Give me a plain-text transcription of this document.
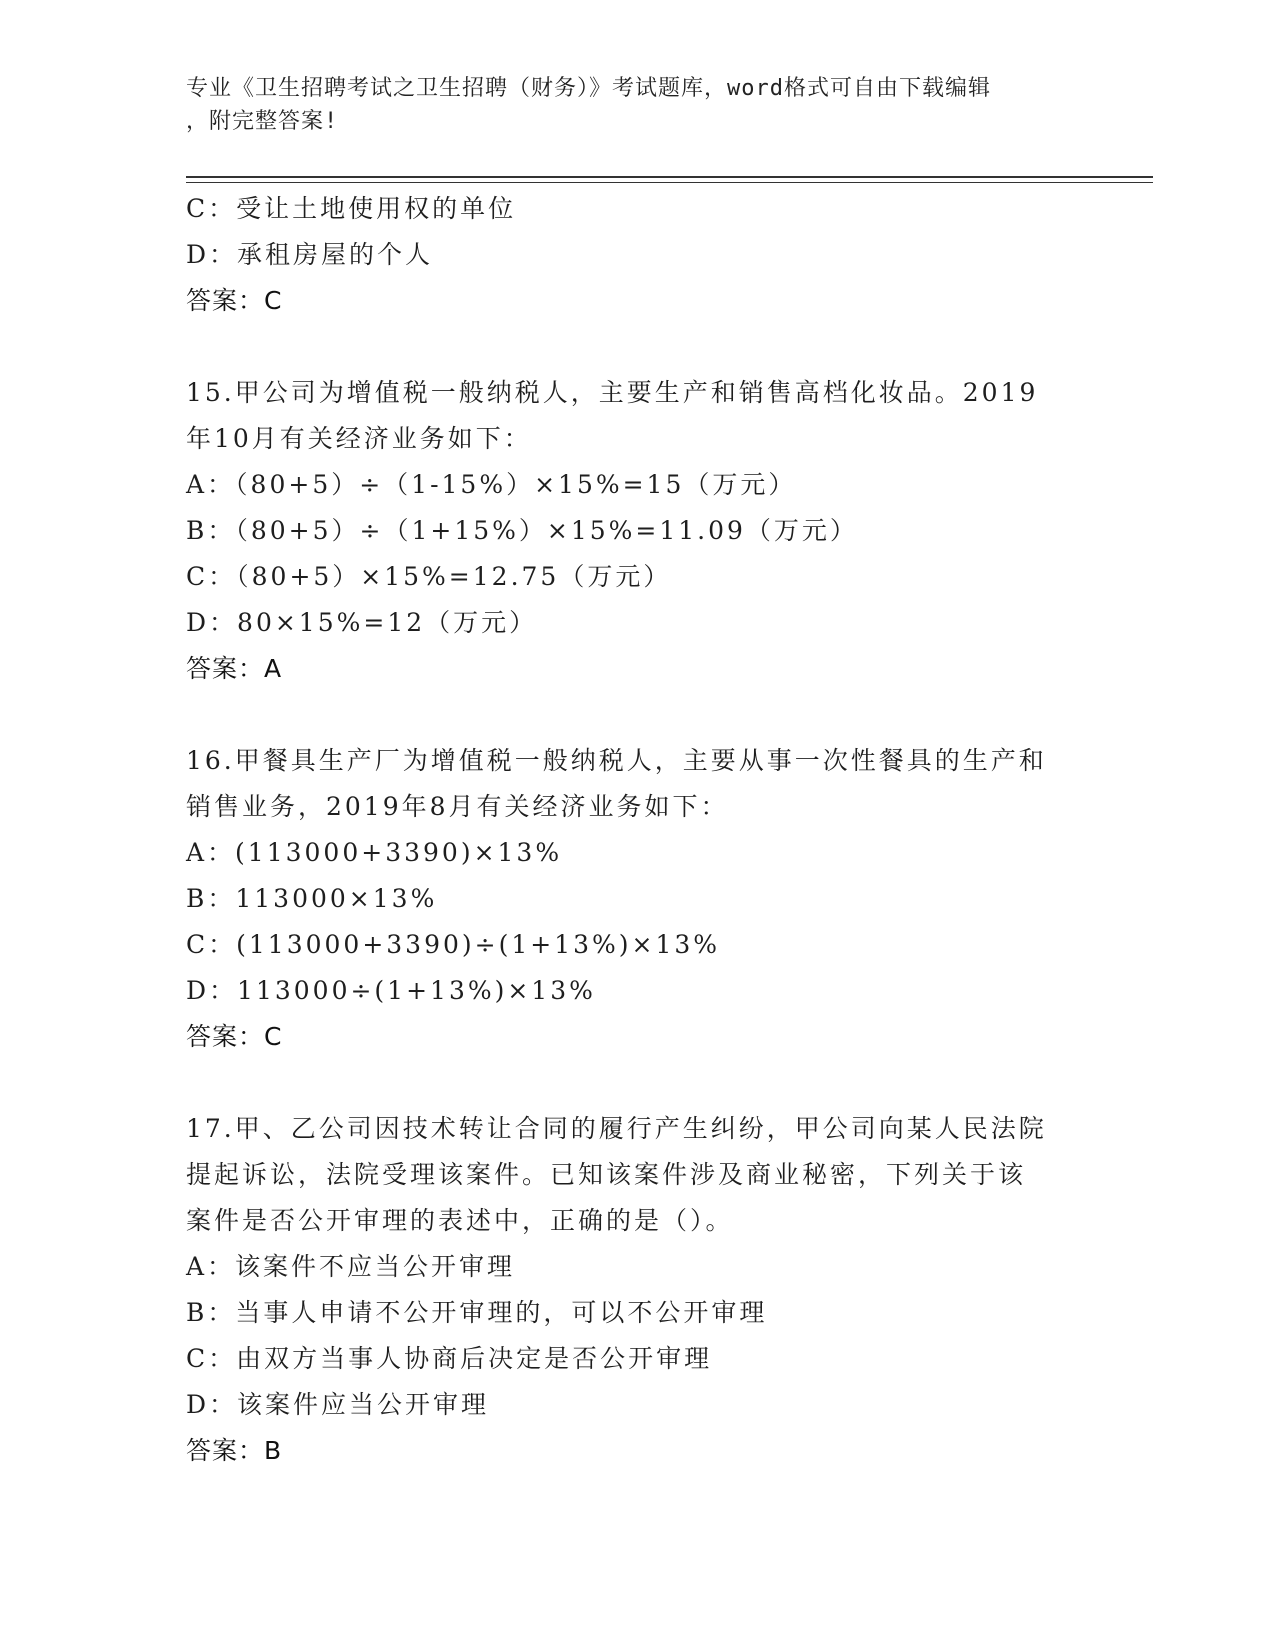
专业《卫生招聘考试之卫生招聘（财务）》考试题库，word格式可自由下载编辑
，附完整答案!
C：受让土地使用权的单位
D：承租房屋的个人
答案：C
15.甲公司为增值税一般纳税人，主要生产和销售高档化妆品。2019
年10月有关经济业务如下：
A：（80+5）÷（1-15%）×15%=15（万元）
B：（80+5）÷（1+15%）×15%=11.09（万元）
C：（80+5）×15%=12.75（万元）
D：80×15%=12（万元）
答案：A
16.甲餐具生产厂为增值税一般纳税人，主要从事一次性餐具的生产和
销售业务，2019年8月有关经济业务如下：
A：(113000+3390)×13%
B：113000×13%
C：(113000+3390)÷(1+13%)×13%
D：113000÷(1+13%)×13%
答案：C
17.甲、乙公司因技术转让合同的履行产生纠纷，甲公司向某人民法院
提起诉讼，法院受理该案件。已知该案件涉及商业秘密，下列关于该
案件是否公开审理的表述中，正确的是（）。
A：该案件不应当公开审理
B：当事人申请不公开审理的，可以不公开审理
C：由双方当事人协商后决定是否公开审理
D：该案件应当公开审理
答案：B
